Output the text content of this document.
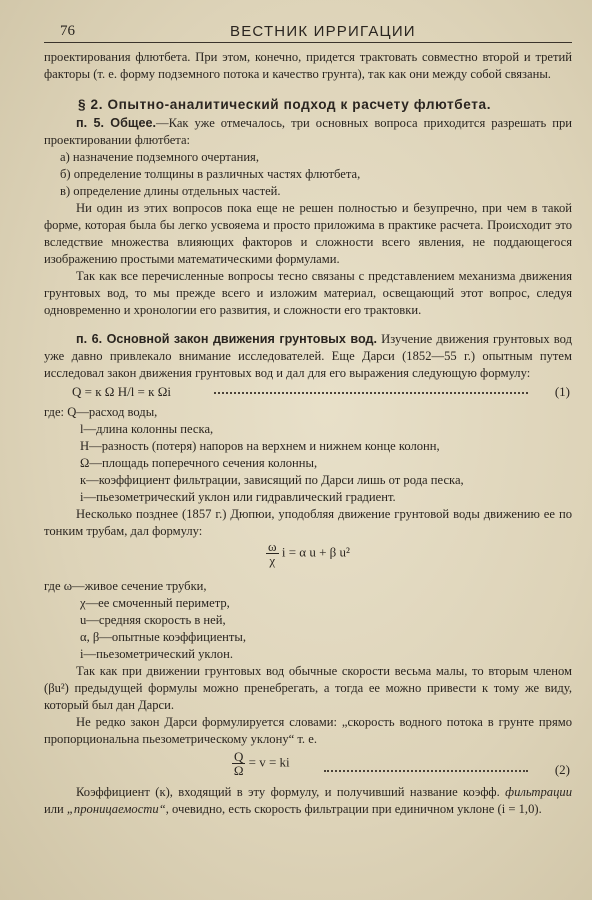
76	ВЕСТНИК ИРРИГАЦИИ

проектирования флютбета. При этом, конечно, придется трактовать совместно второй и третий факторы (т. е. форму подземного потока и качество грунта), так как они между собой связаны.

§ 2. Опытно-аналитический подход к расчету флютбета.

п. 5. Общее.—Как уже отмечалось, три основных вопроса приходится разрешать при проектировании флютбета:

а) назначение подземного очертания,

б) определение толщины в различных частях флютбета,

в) определение длины отдельных частей.

Ни один из этих вопросов пока еще не решен полностью и безупречно, при чем в такой форме, которая была бы легко усвояема и просто приложима в практике расчета. Происходит это вследствие множества влияющих факторов и сложности всего явления, не поддающегося изображению простыми математическими формулами.

Так как все перечисленные вопросы тесно связаны с представлением механизма движения грунтовых вод, то мы прежде всего и изложим материал, освещающий этот вопрос, следуя одновременно и хронологии его развития, и сложности его трактовки.

п. 6. Основной закон движения грунтовых вод. Изучение движения грунтовых вод уже давно привлекало внимание исследователей. Еще Дарси (1852—55 г.) опытным путем исследовал закон движения грунтовых вод и дал для его выражения следующую формулу:

Q = к Ω H/l = к Ωi	(1)

где: Q—расход воды,

l—длина колонны песка,

H—разность (потеря) напоров на верхнем и нижнем конце колонн,

Ω—площадь поперечного сечения колонны,

к—коэффициент фильтрации, зависящий по Дарси лишь от рода песка,

i—пьезометрический уклон или гидравлический градиент.

Несколько позднее (1857 г.) Дюпюи, уподобляя движение грунтовой воды движению ее по тонким трубам, дал формулу:

$\frac{\omega}{\chi}$ i = α u + β u²

где ω—живое сечение трубки,

χ—ее смоченный периметр,

u—средняя скорость в ней,

α, β—опытные коэффициенты,

i—пьезометрический уклон.

Так как при движении грунтовых вод обычные скорости весьма малы, то вторым членом (βu²) предыдущей формулы можно пренебрегать, а тогда ее можно привести к тому же виду, который был дан Дарси.

Не редко закон Дарси формулируется словами: „скорость водного потока в грунте прямо пропорциональна пьезометрическому уклону“ т. е.

$\frac{Q}{\Omega} = v$ = ki
(2)

Коэффициент (к), входящий в эту формулу, и получивший название коэфф. фильтрации или „проницаемости“, очевидно, есть скорость фильтрации при единичном уклоне (i = 1,0).
